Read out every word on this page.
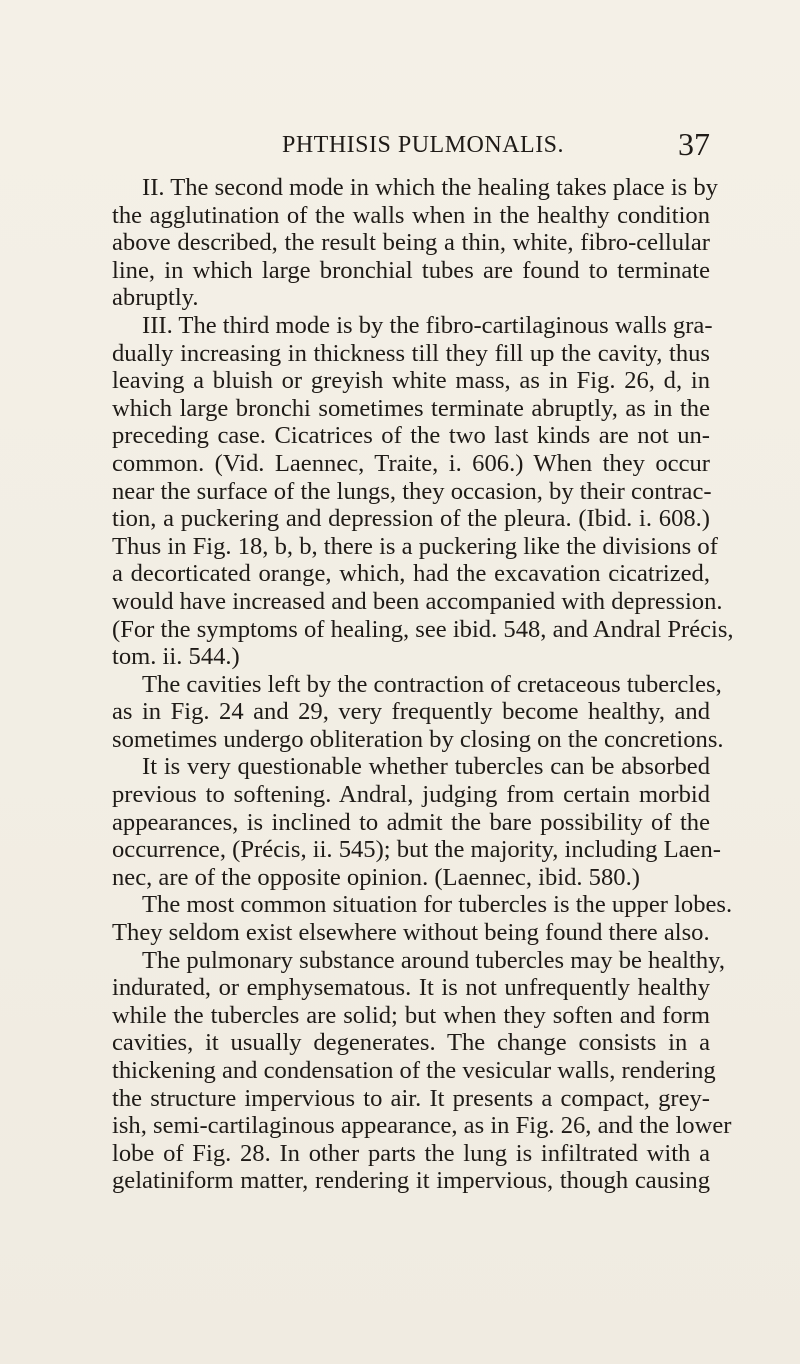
PHTHISIS PULMONALIS.	37
II. The second mode in which the healing takes place is by
the agglutination of the walls when in the healthy condition
above described, the result being a thin, white, fibro-cellular
line, in which large bronchial tubes are found to terminate
abruptly.
III. The third mode is by the fibro-cartilaginous walls gra-
dually increasing in thickness till they fill up the cavity, thus
leaving a bluish or greyish white mass, as in Fig. 26, d, in
which large bronchi sometimes terminate abruptly, as in the
preceding case. Cicatrices of the two last kinds are not un-
common. (Vid. Laennec, Traite, i. 606.) When they occur
near the surface of the lungs, they occasion, by their contrac-
tion, a puckering and depression of the pleura. (Ibid. i. 608.)
Thus in Fig. 18, b, b, there is a puckering like the divisions of
a decorticated orange, which, had the excavation cicatrized,
would have increased and been accompanied with depression.
(For the symptoms of healing, see ibid. 548, and Andral Précis,
tom. ii. 544.)
The cavities left by the contraction of cretaceous tubercles,
as in Fig. 24 and 29, very frequently become healthy, and
sometimes undergo obliteration by closing on the concretions.
It is very questionable whether tubercles can be absorbed
previous to softening. Andral, judging from certain morbid
appearances, is inclined to admit the bare possibility of the
occurrence, (Précis, ii. 545); but the majority, including Laen-
nec, are of the opposite opinion. (Laennec, ibid. 580.)
The most common situation for tubercles is the upper lobes.
They seldom exist elsewhere without being found there also.
The pulmonary substance around tubercles may be healthy,
indurated, or emphysematous. It is not unfrequently healthy
while the tubercles are solid; but when they soften and form
cavities, it usually degenerates. The change consists in a
thickening and condensation of the vesicular walls, rendering
the structure impervious to air. It presents a compact, grey-
ish, semi-cartilaginous appearance, as in Fig. 26, and the lower
lobe of Fig. 28. In other parts the lung is infiltrated with a
gelatiniform matter, rendering it impervious, though causing
